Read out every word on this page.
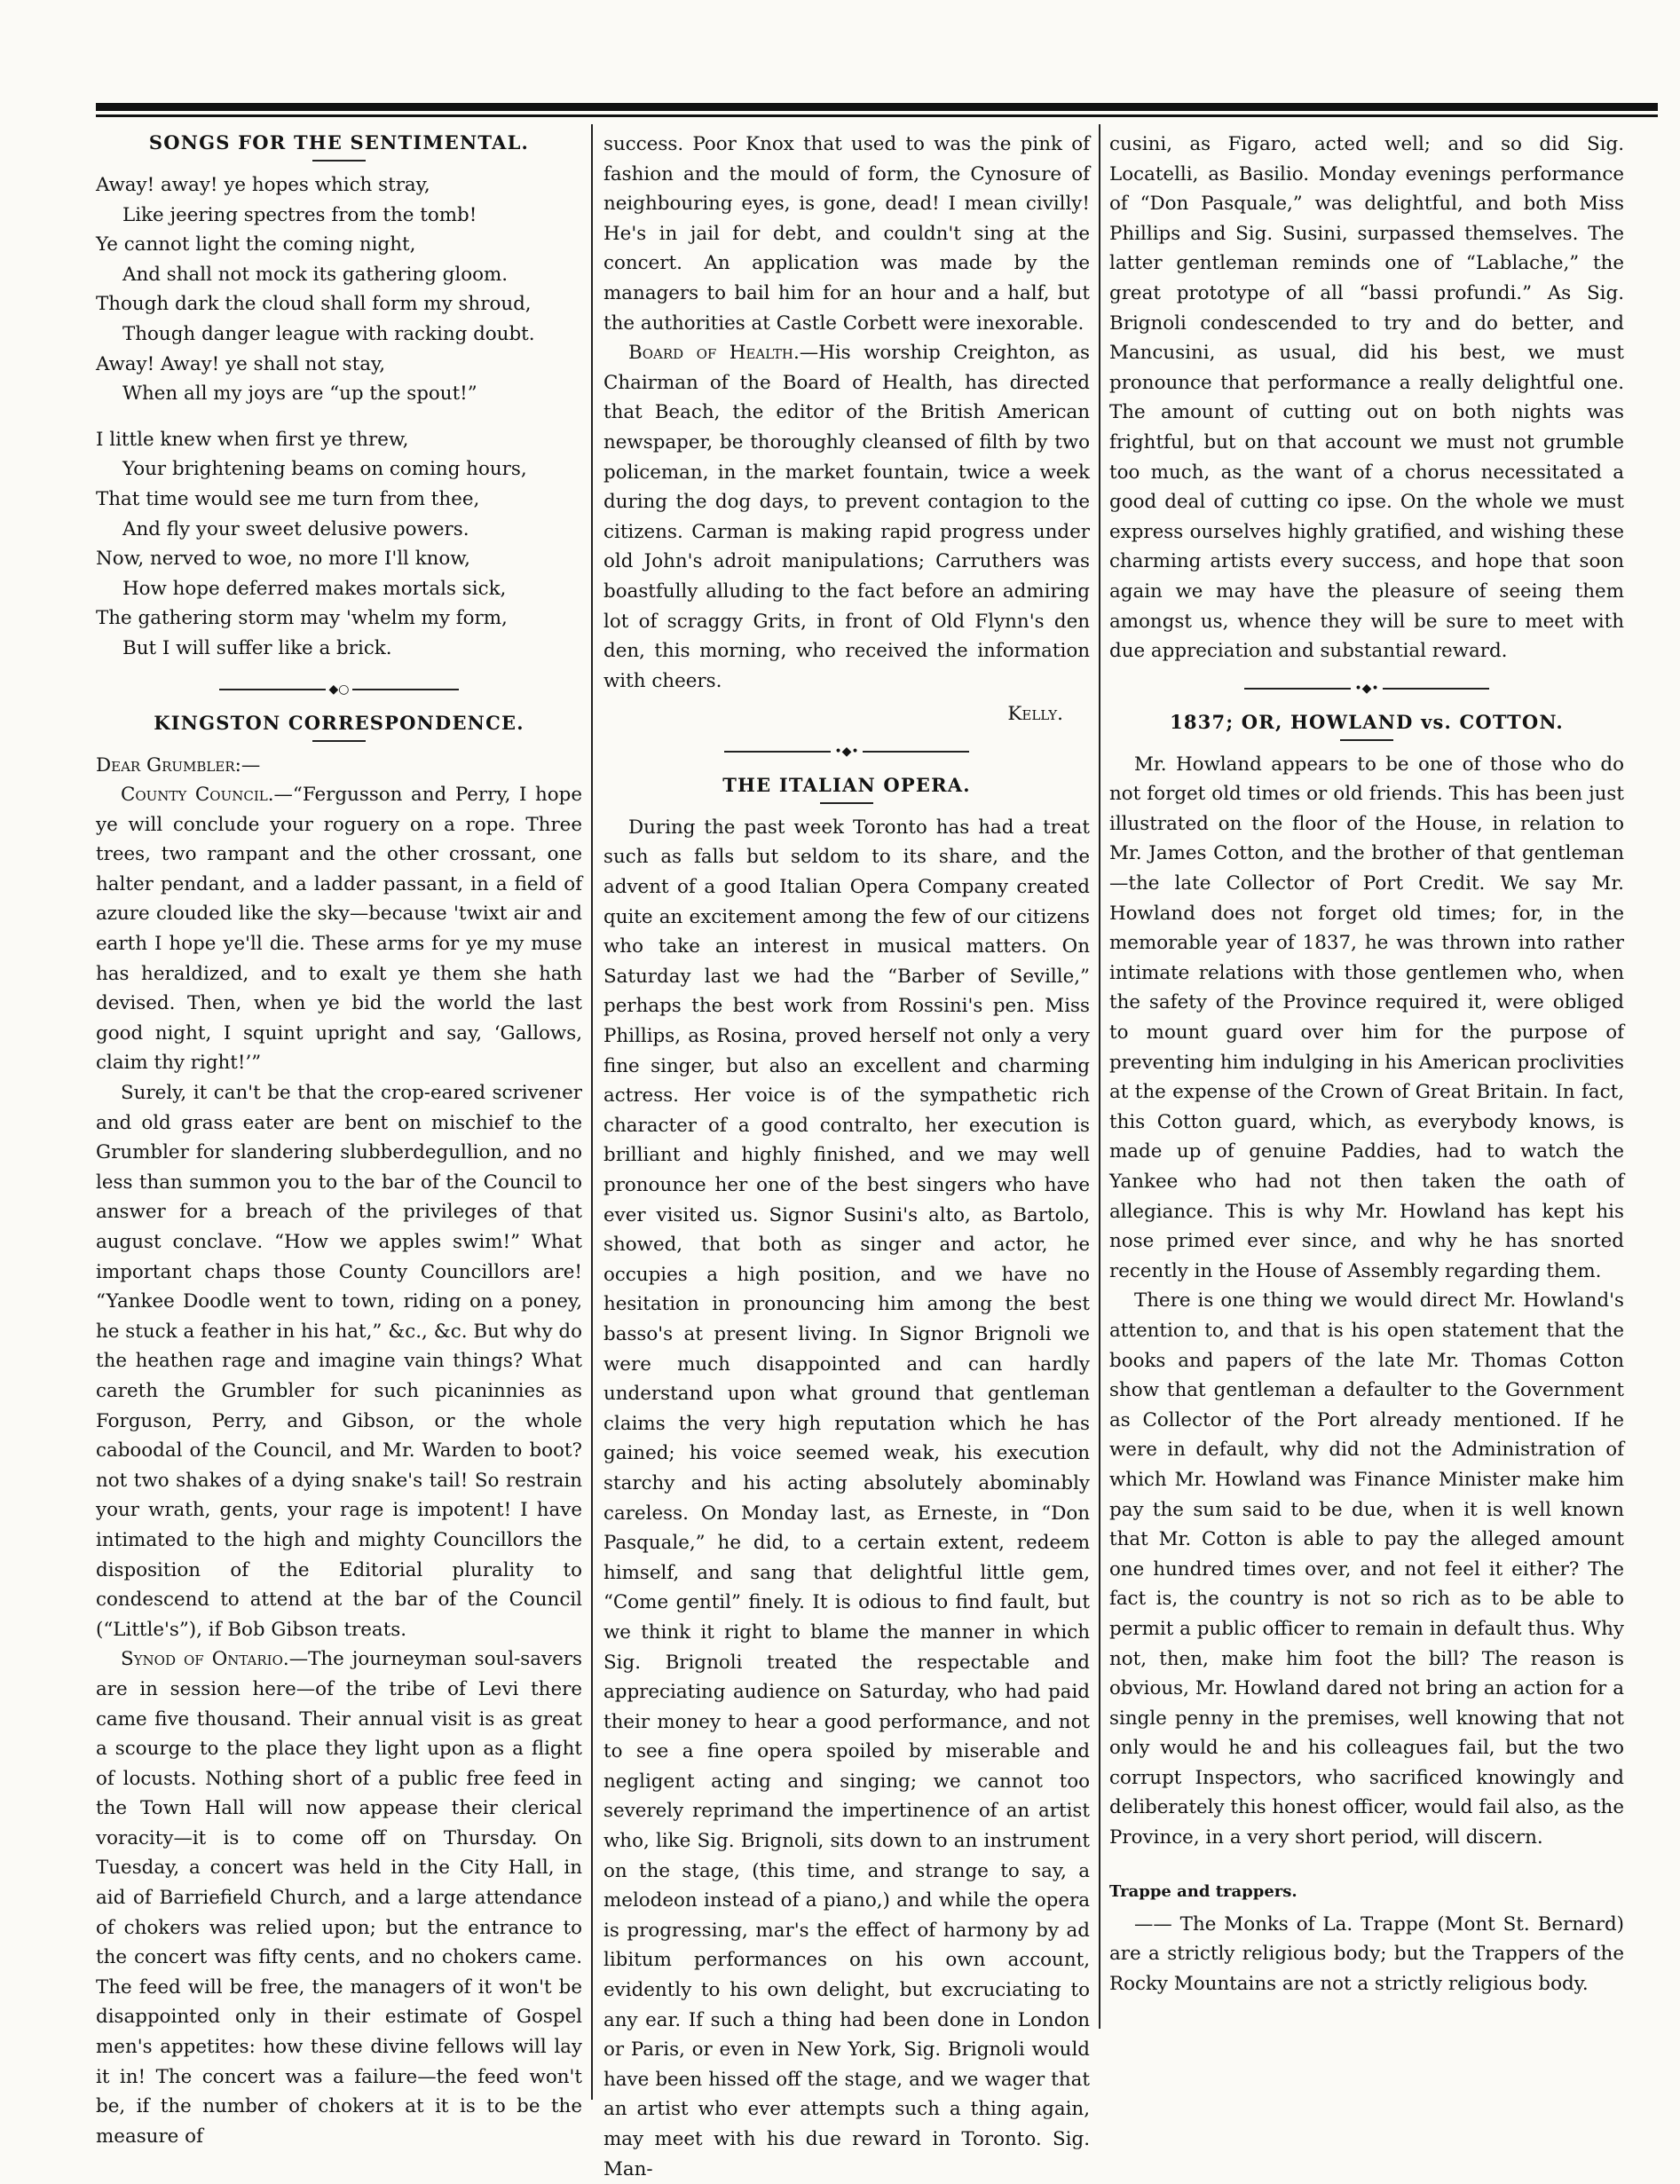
SONGS FOR THE SENTIMENTAL.

Away! away! ye hopes which stray,

Like jeering spectres from the tomb!

Ye cannot light the coming night,

And shall not mock its gathering gloom.

Though dark the cloud shall form my shroud,

Though danger league with racking doubt.

Away! Away! ye shall not stay,

When all my joys are “up the spout!”

I little knew when first ye threw,

Your brightening beams on coming hours,

That time would see me turn from thee,

And fly your sweet delusive powers.

Now, nerved to woe, no more I'll know,

How hope deferred makes mortals sick,

The gathering storm may 'whelm my form,

But I will suffer like a brick.

◆○
KINGSTON CORRESPONDENCE.

Dear Grumbler:—

County Council.—“Fergusson and Perry, I hope ye will conclude your roguery on a rope. Three trees, two rampant and the other crossant, one halter pendant, and a ladder passant, in a field of azure clouded like the sky—because 'twixt air and earth I hope ye'll die. These arms for ye my muse has heraldized, and to exalt ye them she hath devised. Then, when ye bid the world the last good night, I squint upright and say, ‘Gallows, claim thy right!’”

Surely, it can't be that the crop-eared scrivener and old grass eater are bent on mischief to the Grumbler for slandering slubberdegullion, and no less than summon you to the bar of the Council to answer for a breach of the privileges of that august conclave. “How we apples swim!” What important chaps those County Councillors are! “Yankee Doodle went to town, riding on a poney, he stuck a feather in his hat,” &c., &c. But why do the heathen rage and imagine vain things? What careth the Grumbler for such picaninnies as Forguson, Perry, and Gibson, or the whole caboodal of the Council, and Mr. Warden to boot? not two shakes of a dying snake's tail! So restrain your wrath, gents, your rage is impotent! I have intimated to the high and mighty Councillors the disposition of the Editorial plurality to condescend to attend at the bar of the Council (“Little's”), if Bob Gibson treats.

Synod of Ontario.—The journeyman soul-savers are in session here—of the tribe of Levi there came five thousand. Their annual visit is as great a scourge to the place they light upon as a flight of locusts. Nothing short of a public free feed in the Town Hall will now appease their clerical voracity—it is to come off on Thursday. On Tuesday, a concert was held in the City Hall, in aid of Barriefield Church, and a large attendance of chokers was relied upon; but the entrance to the concert was fifty cents, and no chokers came. The feed will be free, the managers of it won't be disappointed only in their estimate of Gospel men's appetites: how these divine fellows will lay it in! The concert was a failure—the feed won't be, if the number of chokers at it is to be the measure of

success. Poor Knox that used to was the pink of fashion and the mould of form, the Cynosure of neighbouring eyes, is gone, dead! I mean civilly! He's in jail for debt, and couldn't sing at the concert. An application was made by the managers to bail him for an hour and a half, but the authorities at Castle Corbett were inexorable.

Board of Health.—His worship Creighton, as Chairman of the Board of Health, has directed that Beach, the editor of the British American newspaper, be thoroughly cleansed of filth by two policeman, in the market fountain, twice a week during the dog days, to prevent contagion to the citizens. Carman is making rapid progress under old John's adroit manipulations; Carruthers was boastfully alluding to the fact before an admiring lot of scraggy Grits, in front of Old Flynn's den den, this morning, who received the information with cheers.

Kelly.

•◆•
THE ITALIAN OPERA.

During the past week Toronto has had a treat such as falls but seldom to its share, and the advent of a good Italian Opera Company created quite an excitement among the few of our citizens who take an interest in musical matters. On Saturday last we had the “Barber of Seville,” perhaps the best work from Rossini's pen. Miss Phillips, as Rosina, proved herself not only a very fine singer, but also an excellent and charming actress. Her voice is of the sympathetic rich character of a good contralto, her execution is brilliant and highly finished, and we may well pronounce her one of the best singers who have ever visited us. Signor Susini's alto, as Bartolo, showed, that both as singer and actor, he occupies a high position, and we have no hesitation in pronouncing him among the best basso's at present living. In Signor Brignoli we were much disappointed and can hardly understand upon what ground that gentleman claims the very high reputation which he has gained; his voice seemed weak, his execution starchy and his acting absolutely abominably careless. On Monday last, as Erneste, in “Don Pasquale,” he did, to a certain extent, redeem himself, and sang that delightful little gem, “Come gentil” finely. It is odious to find fault, but we think it right to blame the manner in which Sig. Brignoli treated the respectable and appreciating audience on Saturday, who had paid their money to hear a good performance, and not to see a fine opera spoiled by miserable and negligent acting and singing; we cannot too severely reprimand the impertinence of an artist who, like Sig. Brignoli, sits down to an instrument on the stage, (this time, and strange to say, a melodeon instead of a piano,) and while the opera is progressing, mar's the effect of harmony by ad libitum performances on his own account, evidently to his own delight, but excruciating to any ear. If such a thing had been done in London or Paris, or even in New York, Sig. Brignoli would have been hissed off the stage, and we wager that an artist who ever attempts such a thing again, may meet with his due reward in Toronto. Sig. Man-

cusini, as Figaro, acted well; and so did Sig. Locatelli, as Basilio. Monday evenings performance of “Don Pasquale,” was delightful, and both Miss Phillips and Sig. Susini, surpassed themselves. The latter gentleman reminds one of “Lablache,” the great prototype of all “bassi profundi.” As Sig. Brignoli condescended to try and do better, and Mancusini, as usual, did his best, we must pronounce that performance a really delightful one. The amount of cutting out on both nights was frightful, but on that account we must not grumble too much, as the want of a chorus necessitated a good deal of cutting co ipse. On the whole we must express ourselves highly gratified, and wishing these charming artists every success, and hope that soon again we may have the pleasure of seeing them amongst us, whence they will be sure to meet with due appreciation and substantial reward.

•◆•
1837; OR, HOWLAND vs. COTTON.

Mr. Howland appears to be one of those who do not forget old times or old friends. This has been just illustrated on the floor of the House, in relation to Mr. James Cotton, and the brother of that gentleman—the late Collector of Port Credit. We say Mr. Howland does not forget old times; for, in the memorable year of 1837, he was thrown into rather intimate relations with those gentlemen who, when the safety of the Province required it, were obliged to mount guard over him for the purpose of preventing him indulging in his American proclivities at the expense of the Crown of Great Britain. In fact, this Cotton guard, which, as everybody knows, is made up of genuine Paddies, had to watch the Yankee who had not then taken the oath of allegiance. This is why Mr. Howland has kept his nose primed ever since, and why he has snorted recently in the House of Assembly regarding them.

There is one thing we would direct Mr. Howland's attention to, and that is his open statement that the books and papers of the late Mr. Thomas Cotton show that gentleman a defaulter to the Government as Collector of the Port already mentioned. If he were in default, why did not the Administration of which Mr. Howland was Finance Minister make him pay the sum said to be due, when it is well known that Mr. Cotton is able to pay the alleged amount one hundred times over, and not feel it either? The fact is, the country is not so rich as to be able to permit a public officer to remain in default thus. Why not, then, make him foot the bill? The reason is obvious, Mr. Howland dared not bring an action for a single penny in the premises, well knowing that not only would he and his colleagues fail, but the two corrupt Inspectors, who sacrificed knowingly and deliberately this honest officer, would fail also, as the Province, in a very short period, will discern.

Trappe and trappers.

—— The Monks of La. Trappe (Mont St. Bernard) are a strictly religious body; but the Trappers of the Rocky Mountains are not a strictly religious body.
